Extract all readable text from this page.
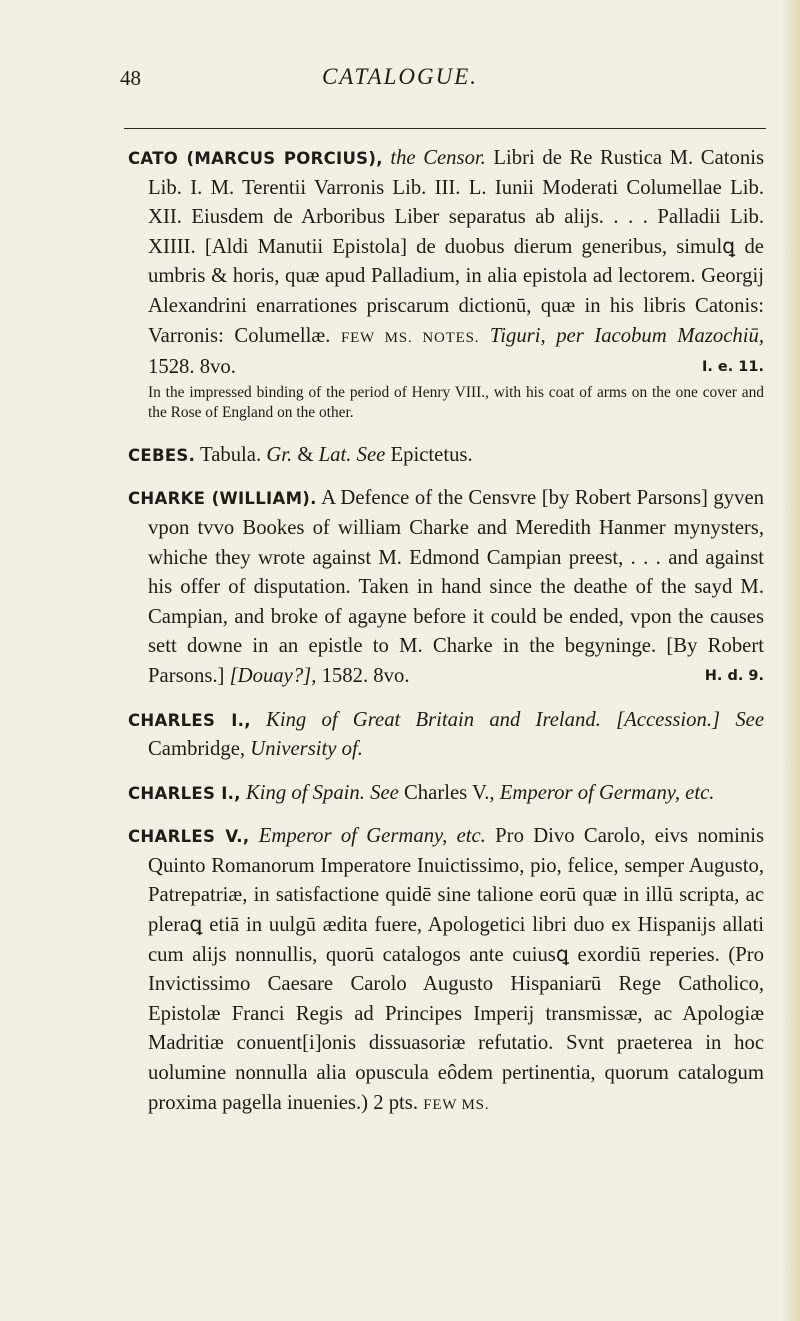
48	CATALOGUE.

CATO (MARCUS PORCIUS), the Censor. Libri de Re Rustica M. Catonis Lib. I. M. Terentii Varronis Lib. III. L. Iunii Moderati Columellae Lib. XII. Eiusdem de Arboribus Liber separatus ab alijs. . . . Palladii Lib. XIIII. [Aldi Manutii Epistola] de duobus dierum generibus, simulꝗ de umbris & horis, quæ apud Palladium, in alia epistola ad lectorem. Georgij Alexandrini enarrationes priscarum dictionū, quæ in his libris Catonis: Varronis: Columellæ. FEW MS. NOTES. Tiguri, per Iacobum Mazochiū, 1528. 8vo.	I. e. 11.

In the impressed binding of the period of Henry VIII., with his coat of arms on the one cover and the Rose of England on the other.

CEBES. Tabula. Gr. & Lat. See Epictetus.

CHARKE (WILLIAM). A Defence of the Censvre [by Robert Parsons] gyven vpon tvvo Bookes of william Charke and Meredith Hanmer mynysters, whiche they wrote against M. Edmond Campian preest, . . . and against his offer of disputation. Taken in hand since the deathe of the sayd M. Campian, and broke of agayne before it could be ended, vpon the causes sett downe in an epistle to M. Charke in the begyninge. [By Robert Parsons.] [Douay?], 1582. 8vo.	H. d. 9.

CHARLES I., King of Great Britain and Ireland. [Accession.] See Cambridge, University of.

CHARLES I., King of Spain. See Charles V., Emperor of Germany, etc.

CHARLES V., Emperor of Germany, etc. Pro Divo Carolo, eivs nominis Quinto Romanorum Imperatore Inuictissimo, pio, felice, semper Augusto, Patrepatriæ, in satisfactione quidē sine talione eorū quæ in illū scripta, ac pleraꝗ etiā in uulgū ædita fuere, Apologetici libri duo ex Hispanijs allati cum alijs nonnullis, quorū catalogos ante cuiusꝗ exordiū reperies. (Pro Invictissimo Caesare Carolo Augusto Hispaniarū Rege Catholico, Epistolæ Franci Regis ad Principes Imperij transmissæ, ac Apologiæ Madritiæ conuent[i]onis dissuasoriæ refutatio. Svnt praeterea in hoc uolumine nonnulla alia opuscula eôdem pertinentia, quorum catalogum proxima pagella inuenies.) 2 pts. FEW MS.
